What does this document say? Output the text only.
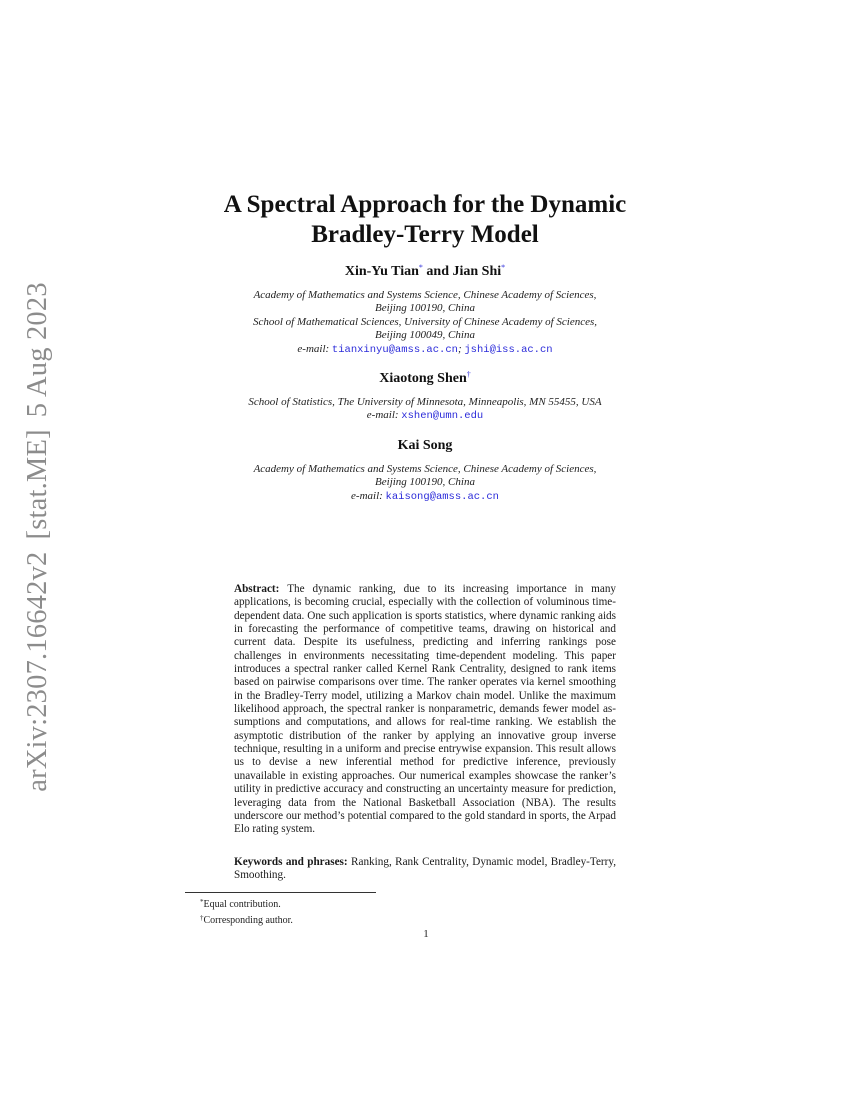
arXiv:2307.16642v2[stat.ME]5 Aug 2023
A Spectral Approach for the Dynamic
Bradley-Terry Model
Xin-Yu Tian* and Jian Shi*
Academy of Mathematics and Systems Science, Chinese Academy of Sciences,
Beijing 100190, China
School of Mathematical Sciences, University of Chinese Academy of Sciences,
Beijing 100049, China
e-mail: tianxinyu@amss.ac.cn; jshi@iss.ac.cn
Xiaotong Shen†
School of Statistics, The University of Minnesota, Minneapolis, MN 55455, USA
e-mail: xshen@umn.edu
Kai Song
Academy of Mathematics and Systems Science, Chinese Academy of Sciences,
Beijing 100190, China
e-mail: kaisong@amss.ac.cn
Abstract: The dynamic ranking, due to its increasing importance in many applications, is becoming crucial, especially with the collection of voluminous time-dependent data. One such application is sports statistics, where dynamic ranking aids in forecasting the performance of competitive teams, drawing on historical and current data. Despite its usefulness, predicting and inferring rankings pose challenges in environments necessitating time-dependent modeling. This paper introduces a spectral ranker called Kernel Rank Centrality, designed to rank items based on pairwise comparisons over time. The ranker operates via kernel smoothing in the Bradley-Terry model, utilizing a Markov chain model. Unlike the maximum likelihood approach, the spectral ranker is nonparametric, demands fewer model assumptions and computations, and allows for real-time ranking. We establish the asymptotic distribution of the ranker by applying an innovative group inverse technique, resulting in a uniform and precise entrywise expansion. This result allows us to devise a new inferential method for predictive inference, previously unavailable in existing approaches. Our numerical examples showcase the ranker’s utility in predictive accuracy and constructing an uncertainty measure for prediction, leveraging data from the National Basketball Association (NBA). The results underscore our method’s potential compared to the gold standard in sports, the Arpad Elo rating system.
Keywords and phrases: Ranking, Rank Centrality, Dynamic model, Bradley-Terry, Smoothing.
*Equal contribution.
†Corresponding author.
1
